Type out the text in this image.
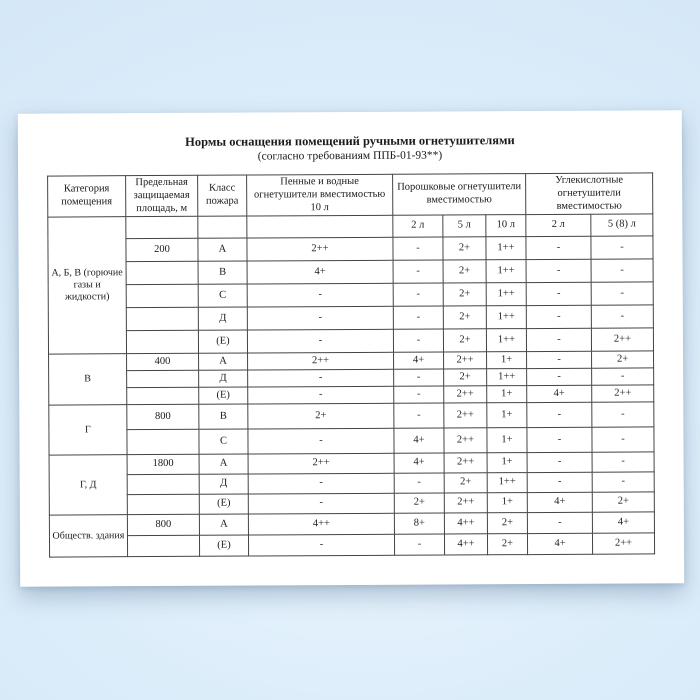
Нормы оснащения помещений ручными огнетушителями
(согласно требованиям ППБ-01-93**)
Категория помещения	Предельная защищаемая площадь, м	Класс пожара	Пенные и водные огнетушители вместимостью 10 л	Порошковые огнетушители вместимостью			Углекислотные огнетушители вместимостью	
А, Б, В (горючие газы и жидкости)				2 л	5 л	10 л	2 л	5 (8) л
	200	А	2++	-	2+	1++	-	-
		В	4+	-	2+	1++	-	-
		С	-	-	2+	1++	-	-
		Д	-	-	2+	1++	-	-
		(Е)	-	-	2+	1++	-	2++
В	400	А	2++	4+	2++	1+	-	2+
		Д	-	-	2+	1++	-	-
		(Е)	-	-	2++	1+	4+	2++
Г	800	В	2+	-	2++	1+	-	-
		С	-	4+	2++	1+	-	-
Г, Д	1800	А	2++	4+	2++	1+	-	-
		Д	-	-	2+	1++	-	-
		(Е)	-	2+	2++	1+	4+	2+
Обществ. здания	800	А	4++	8+	4++	2+	-	4+
		(Е)	-	-	4++	2+	4+	2++
